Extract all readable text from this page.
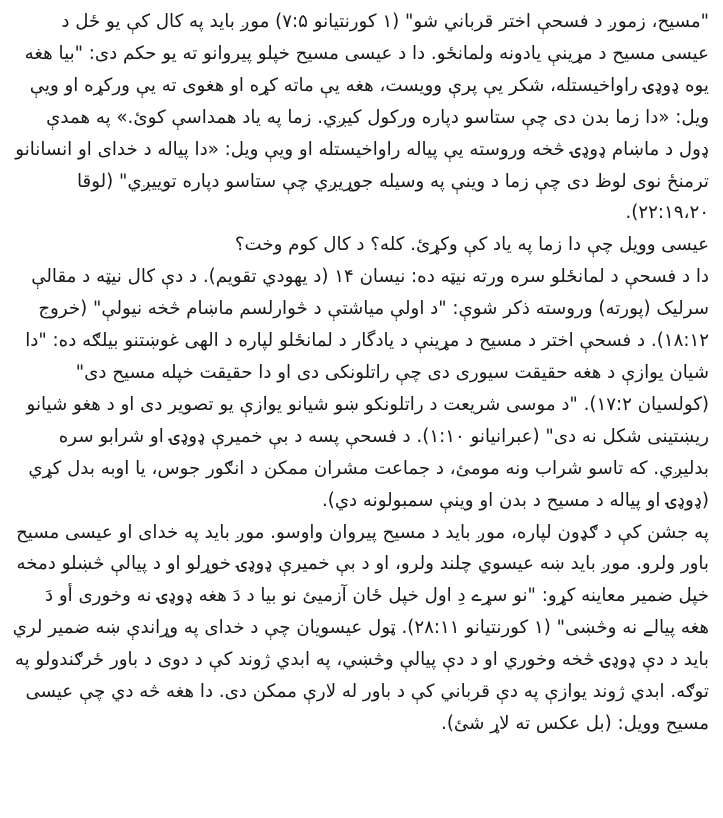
"مسیح، زموږ د فسحې اختر قرباني شو" (۱ کورنتیانو ۷:۵) موږ باید په کال کې یو ځل د عیسی مسیح د مړینې یادونه ولمانځو. دا د عیسی مسیح خپلو پیروانو ته یو حکم دی: "بیا هغه یوه ډوډۍ راواخیستله، شکر یې پرې وویست، هغه یې ماته کړه او هغوی ته یې ورکړه او ویې ویل: «دا زما بدن دی چې ستاسو دپاره ورکول کیږي. زما په یاد همداسې کوئ.» په همدې ډول د ماښام ډوډۍ څخه وروسته یې پیاله راواخیستله او ویې ویل: «دا پیاله د خدای او انسانانو ترمنځ نوی لوظ دی چې زما د وینې په وسیله جوړیږي چې ستاسو دپاره تویيږي" (لوقا ۲۲:۱۹،۲۰).

عیسی وویل چې دا زما په یاد کې وکړئ. کله؟ د کال کوم وخت؟

دا د فسحې د لمانځلو سره ورته نیټه ده: نیسان ۱۴ (د یهودي تقویم). د دې کال نیټه د مقالې سرلیک (پورته) وروسته ذکر شوې: "د اولې میاشتې د څوارلسم ماښام څخه نیولې" (خروج ۱۸:۱۲). د فسحې اختر د مسیح د مړینې د یادگار د لمانځلو لپاره د الهی غوښتنو بیلګه ده: "دا شیان یوازې د هغه حقیقت سیوری دی چې راتلونکی دی او دا حقیقت خپله مسیح دی" (کولسیان ۱۷:۲). "د موسی شریعت د راتلونکو ښو شیانو یوازې یو تصویر دی او د هغو شیانو ریښتینی شکل نه دی" (عبرانیانو ۱:۱۰). د فسحې پسه د بې خمیرې ډوډۍ او شرابو سره بدلیږي. که تاسو شراب ونه مومئ، د جماعت مشران ممکن د انګور جوس، یا اوبه بدل کړي (ډوډۍ او پیاله د مسیح د بدن او وینې سمبولونه دي).

په جشن کې د ګډون لپاره، موږ باید د مسیح پیروان واوسو. موږ باید په خدای او عیسی مسیح باور ولرو. موږ باید ښه عیسوي چلند ولرو، او د بې خمیرې ډوډۍ خوړلو او د پیالې څښلو دمخه خپل ضمیر معاینه کړو: "نو سړے دِ اول خپل ځان آزمیئ نو بیا د دَ هغه ډوډۍ نه وخوری أو دَ هغه پیالے نه وڅښی" (۱ کورنتیانو ۲۸:۱۱). ټول عیسویان چې د خدای په وړاندې ښه ضمیر لري باید د دې ډوډۍ څخه وخوري او د دې پیالې وڅښي، په ابدي ژوند کې د دوی د باور ځرګندولو په توګه. ابدي ژوند یوازې په دې قرباني کې د باور له لارې ممکن دی. دا هغه څه دي چې عیسی مسیح وویل: (بل عکس ته لاړ شئ).
